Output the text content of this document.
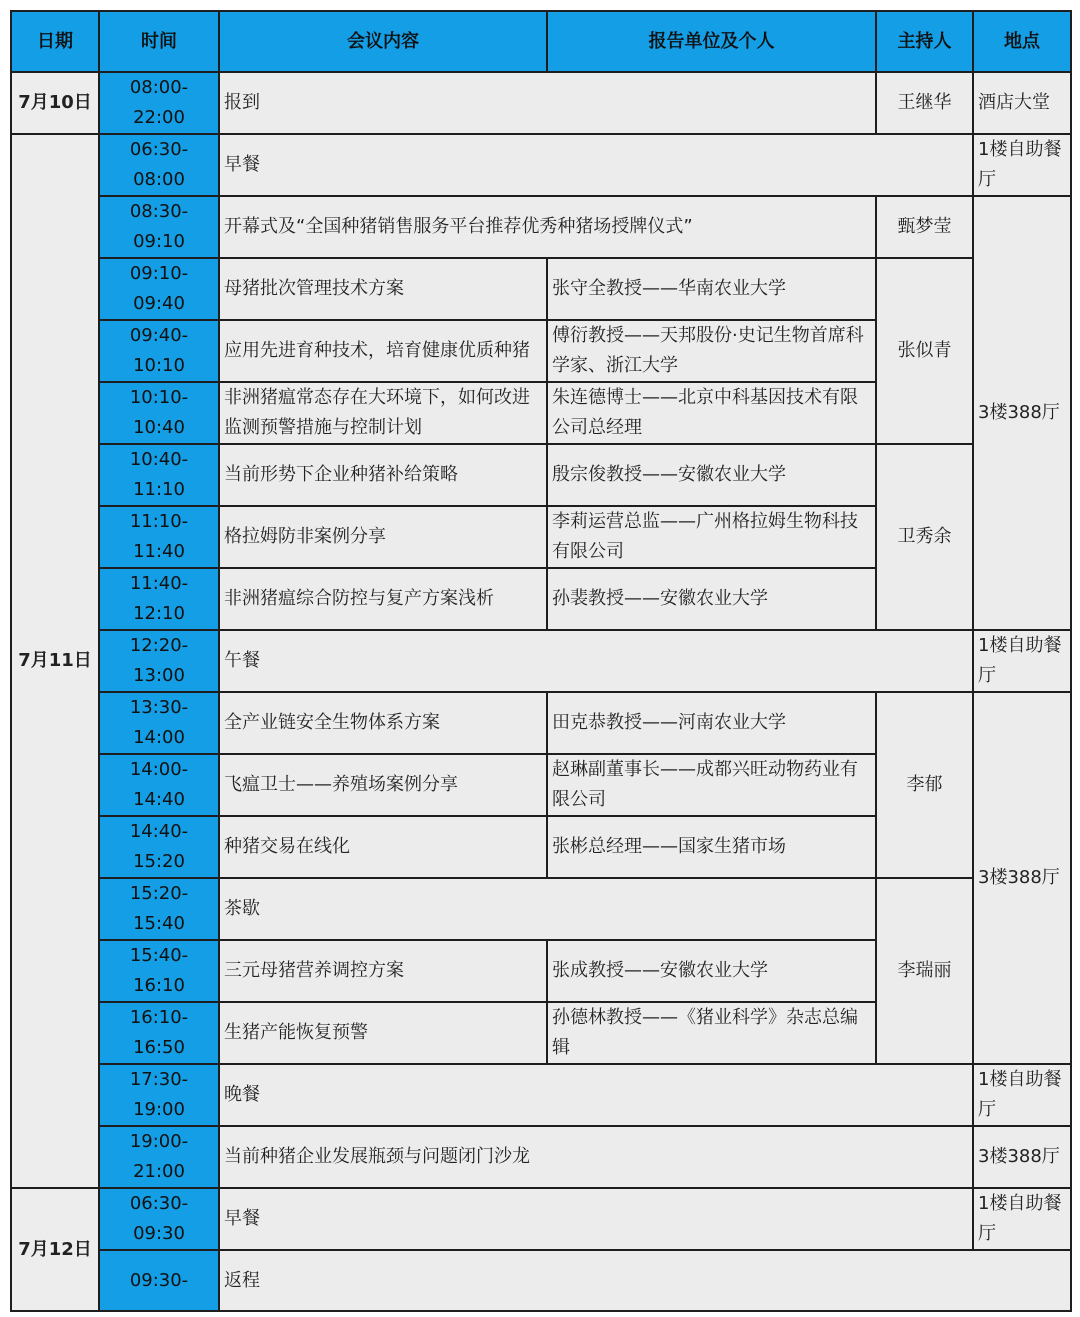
日期	时间	会议内容	报告单位及个人	主持人	地点
7月10日	08:00-22:00	报到		王继华	酒店大堂
7月11日	06:30-08:00	早餐			1楼自助餐厅
	08:30-09:10	开幕式及“全国种猪销售服务平台推荐优秀种猪场授牌仪式”		甄梦莹	3楼388厅
	09:10-09:40	母猪批次管理技术方案	张守全教授——华南农业大学	张似青	
	09:40-10:10	应用先进育种技术，培育健康优质种猪	傅衍教授——天邦股份·史记生物首席科学家、浙江大学		
	10:10-10:40	非洲猪瘟常态存在大环境下，如何改进监测预警措施与控制计划	朱连德博士——北京中科基因技术有限公司总经理		
	10:40-11:10	当前形势下企业种猪补给策略	殷宗俊教授——安徽农业大学	卫秀余	
	11:10-11:40	格拉姆防非案例分享	李莉运营总监——广州格拉姆生物科技有限公司		
	11:40-12:10	非洲猪瘟综合防控与复产方案浅析	孙裴教授——安徽农业大学		
	12:20-13:00	午餐			1楼自助餐厅
	13:30-14:00	全产业链安全生物体系方案	田克恭教授——河南农业大学	李郁	3楼388厅
	14:00-14:40	飞瘟卫士——养殖场案例分享	赵琳副董事长——成都兴旺动物药业有限公司		
	14:40-15:20	种猪交易在线化	张彬总经理——国家生猪市场		
	15:20-15:40	茶歇		李瑞丽	
	15:40-16:10	三元母猪营养调控方案	张成教授——安徽农业大学		
	16:10-16:50	生猪产能恢复预警	孙德林教授——《猪业科学》杂志总编辑		
	17:30-19:00	晚餐			1楼自助餐厅
	19:00-21:00	当前种猪企业发展瓶颈与问题闭门沙龙			3楼388厅
7月12日	06:30-09:30	早餐			1楼自助餐厅
	09:30-	返程			
